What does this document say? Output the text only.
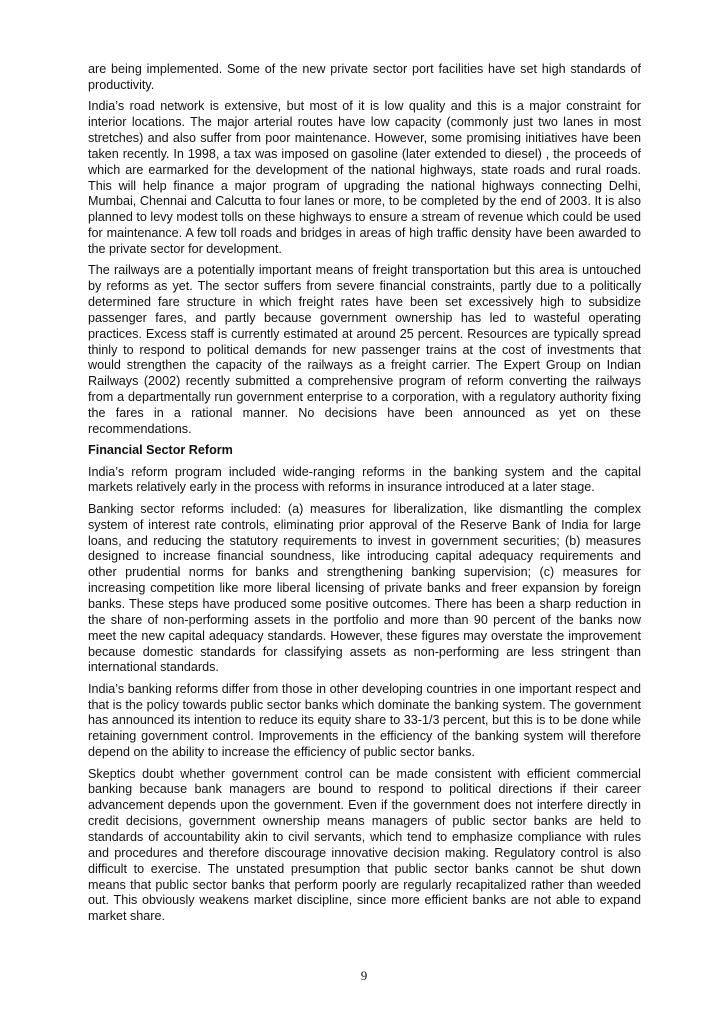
are being implemented. Some of the new private sector port facilities have set high standards of productivity.

India’s road network is extensive, but most of it is low quality and this is a major constraint for interior locations. The major arterial routes have low capacity (commonly just two lanes in most stretches) and also suffer from poor maintenance. However, some promising initiatives have been taken recently. In 1998, a tax was imposed on gasoline (later extended to diesel) , the proceeds of which are earmarked for the development of the national highways, state roads and rural roads. This will help finance a major program of upgrading the national highways connecting Delhi, Mumbai, Chennai and Calcutta to four lanes or more, to be completed by the end of 2003. It is also planned to levy modest tolls on these highways to ensure a stream of revenue which could be used for maintenance. A few toll roads and bridges in areas of high traffic density have been awarded to the private sector for development.

The railways are a potentially important means of freight transportation but this area is untouched by reforms as yet. The sector suffers from severe financial constraints, partly due to a politically determined fare structure in which freight rates have been set excessively high to subsidize passenger fares, and partly because government ownership has led to wasteful operating practices. Excess staff is currently estimated at around 25 percent. Resources are typically spread thinly to respond to political demands for new passenger trains at the cost of investments that would strengthen the capacity of the railways as a freight carrier. The Expert Group on Indian Railways (2002) recently submitted a comprehensive program of reform converting the railways from a departmentally run government enterprise to a corporation, with a regulatory authority fixing the fares in a rational manner. No decisions have been announced as yet on these recommendations.

Financial Sector Reform

India’s reform program included wide-ranging reforms in the banking system and the capital markets relatively early in the process with reforms in insurance introduced at a later stage.

Banking sector reforms included: (a) measures for liberalization, like dismantling the complex system of interest rate controls, eliminating prior approval of the Reserve Bank of India for large loans, and reducing the statutory requirements to invest in government securities; (b) measures designed to increase financial soundness, like introducing capital adequacy requirements and other prudential norms for banks and strengthening banking supervision; (c) measures for increasing competition like more liberal licensing of private banks and freer expansion by foreign banks. These steps have produced some positive outcomes. There has been a sharp reduction in the share of non-performing assets in the portfolio and more than 90 percent of the banks now meet the new capital adequacy standards. However, these figures may overstate the improvement because domestic standards for classifying assets as non-performing are less stringent than international standards.

India’s banking reforms differ from those in other developing countries in one important respect and that is the policy towards public sector banks which dominate the banking system. The government has announced its intention to reduce its equity share to 33-1/3 percent, but this is to be done while retaining government control. Improvements in the efficiency of the banking system will therefore depend on the ability to increase the efficiency of public sector banks.

Skeptics doubt whether government control can be made consistent with efficient commercial banking because bank managers are bound to respond to political directions if their career advancement depends upon the government. Even if the government does not interfere directly in credit decisions, government ownership means managers of public sector banks are held to standards of accountability akin to civil servants, which tend to emphasize compliance with rules and procedures and therefore discourage innovative decision making. Regulatory control is also difficult to exercise. The unstated presumption that public sector banks cannot be shut down means that public sector banks that perform poorly are regularly recapitalized rather than weeded out. This obviously weakens market discipline, since more efficient banks are not able to expand market share.

9
